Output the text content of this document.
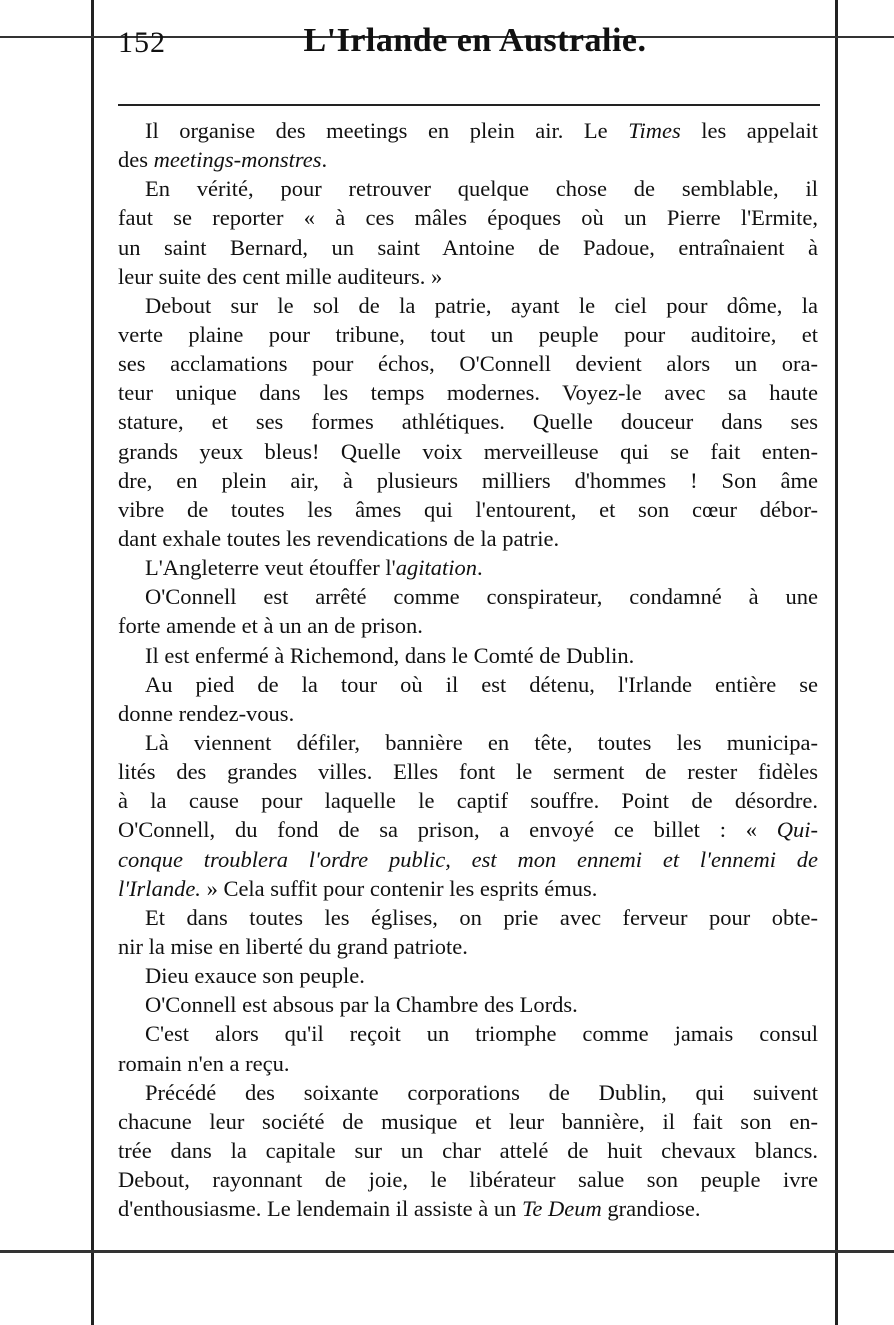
152	L'Irlande en Australie.
Il organise des meetings en plein air. Le Times les appelait
des meetings-monstres.
En vérité, pour retrouver quelque chose de semblable, il
faut se reporter « à ces mâles époques où un Pierre l'Ermite,
un saint Bernard, un saint Antoine de Padoue, entraînaient à
leur suite des cent mille auditeurs. »
Debout sur le sol de la patrie, ayant le ciel pour dôme, la
verte plaine pour tribune, tout un peuple pour auditoire, et
ses acclamations pour échos, O'Connell devient alors un ora-
teur unique dans les temps modernes. Voyez-le avec sa haute
stature, et ses formes athlétiques. Quelle douceur dans ses
grands yeux bleus! Quelle voix merveilleuse qui se fait enten-
dre, en plein air, à plusieurs milliers d'hommes ! Son âme
vibre de toutes les âmes qui l'entourent, et son cœur débor-
dant exhale toutes les revendications de la patrie.
L'Angleterre veut étouffer l'agitation.
O'Connell est arrêté comme conspirateur, condamné à une
forte amende et à un an de prison.
Il est enfermé à Richemond, dans le Comté de Dublin.
Au pied de la tour où il est détenu, l'Irlande entière se
donne rendez-vous.
Là viennent défiler, bannière en tête, toutes les municipa-
lités des grandes villes. Elles font le serment de rester fidèles
à la cause pour laquelle le captif souffre. Point de désordre.
O'Connell, du fond de sa prison, a envoyé ce billet : « Qui-
conque troublera l'ordre public, est mon ennemi et l'ennemi de
l'Irlande. » Cela suffit pour contenir les esprits émus.
Et dans toutes les églises, on prie avec ferveur pour obte-
nir la mise en liberté du grand patriote.
Dieu exauce son peuple.
O'Connell est absous par la Chambre des Lords.
C'est alors qu'il reçoit un triomphe comme jamais consul
romain n'en a reçu.
Précédé des soixante corporations de Dublin, qui suivent
chacune leur société de musique et leur bannière, il fait son en-
trée dans la capitale sur un char attelé de huit chevaux blancs.
Debout, rayonnant de joie, le libérateur salue son peuple ivre
d'enthousiasme. Le lendemain il assiste à un Te Deum grandiose.
